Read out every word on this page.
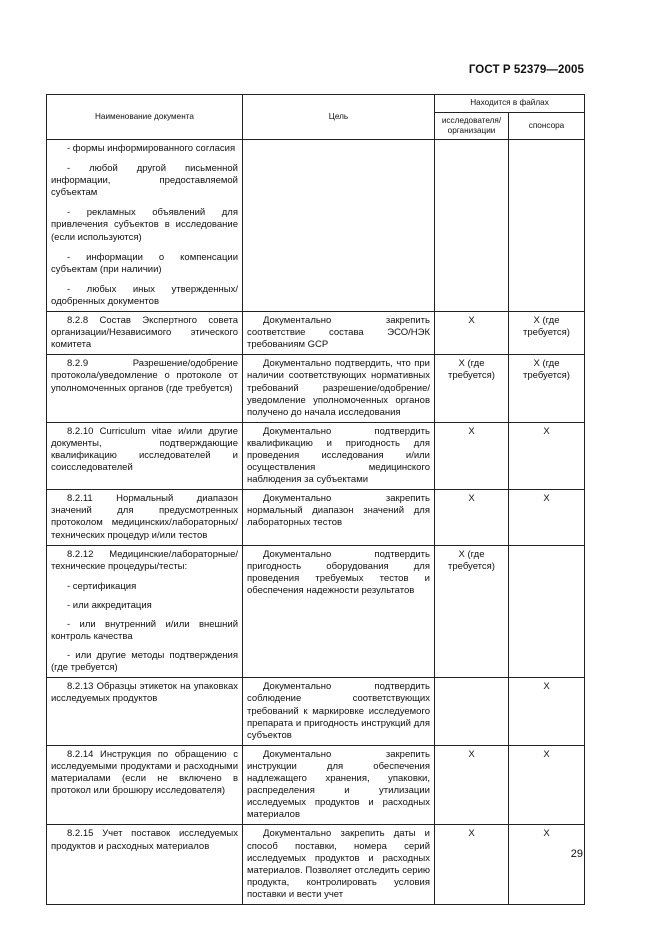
ГОСТ Р 52379—2005
Наименование документа	Цель	Находится в файлах	
		исследователя/ организации	спонсора

- формы информированного согласия

- любой другой письменной информации, предоставляемой субъектам

- рекламных объявлений для привлечения субъектов в исследование (если используются)

- информации о компенсации субъектам (при наличии)

- любых иных утвержденных/одобренных документов			

8.2.8 Состав Экспертного совета организации/Независимого этического комитета	Документально закрепить соответствие состава ЭСО/НЭК требованиям GCP	X	X (где требуется)

8.2.9 Разрешение/одобрение протокола/уведомление о протоколе от уполномоченных органов (где требуется)	Документально подтвердить, что при наличии соответствующих нормативных требований разрешение/одобрение/уведомление уполномоченных органов получено до начала исследования	X (где требуется)	X (где требуется)

8.2.10 Curriculum vitae и/или другие документы, подтверждающие квалификацию исследователей и соисследователей	Документально подтвердить квалификацию и пригодность для проведения исследования и/или осуществления медицинского наблюдения за субъектами	X	X

8.2.11 Нормальный диапазон значений для предусмотренных протоколом медицинских/лабораторных/технических процедур и/или тестов	Документально закрепить нормальный диапазон значений для лабораторных тестов	X	X

8.2.12 Медицинские/лабораторные/технические процедуры/тесты:

- сертификация

- или аккредитация

- или внутренний и/или внешний контроль качества

- или другие методы подтверждения (где требуется)	Документально подтвердить пригодность оборудования для проведения требуемых тестов и обеспечения надежности результатов	X (где требуется)	

8.2.13 Образцы этикеток на упаковках исследуемых продуктов	Документально подтвердить соблюдение соответствующих требований к маркировке исследуемого препарата и пригодность инструкций для субъектов		X

8.2.14 Инструкция по обращению с исследуемыми продуктами и расходными материалами (если не включено в протокол или брошюру исследователя)	Документально закрепить инструкции для обеспечения надлежащего хранения, упаковки, распределения и утилизации исследуемых продуктов и расходных материалов	X	X

8.2.15 Учет поставок исследуемых продуктов и расходных материалов	Документально закрепить даты и способ поставки, номера серий исследуемых продуктов и расходных материалов. Позволяет отследить серию продукта, контролировать условия поставки и вести учет	X	X
29
